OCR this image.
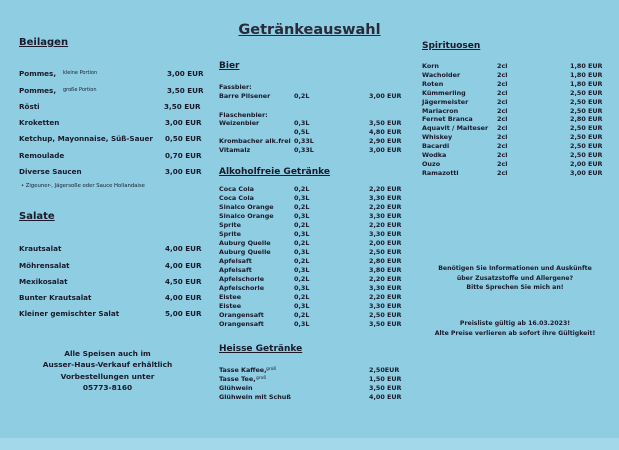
Getränkeauswahl
Beilagen
Pommes, kleine Portion	3,00 EUR
Pommes, große Portion	3,50 EUR
Rösti	3,50 EUR
Kroketten	3,00 EUR
Ketchup, Mayonnaise, Süß-Sauer 0,50 EUR
Remoulade	0,70 EUR
Diverse Saucen	3,00 EUR
• Zigeuner-, Jägersoße oder Sauce Hollandaise
Salate
Krautsalat	4,00 EUR
Möhrensalat	4,00 EUR
Mexikosalat	4,50 EUR
Bunter Krautsalat	4,00 EUR
Kleiner gemischter Salat	5,00 EUR
Alle Speisen auch im
Ausser-Haus-Verkauf erhältlich
Vorbestellungen unter
05773-8160
Bier
Fassbier:
Barre Pilsener	0,2L	3,00 EUR
Flaschenbier:
Weizenbier	0,3L	3,50 EUR
0,5L	4,80 EUR
Krombacher alk.frei 0,33L	2,90 EUR
Vitamalz	0,33L	3,00 EUR
Alkoholfreie Getränke
Coca Cola	0,2L	2,20 EUR
Coca Cola	0,3L	3,30 EUR
Sinalco Orange	0,2L	2,20 EUR
Sinalco Orange	0,3L	3,30 EUR
Sprite	0,2L	2,20 EUR
Sprite	0,3L	3,30 EUR
Auburg Quelle	0,2L	2,00 EUR
Auburg Quelle	0,3L	2,50 EUR
Apfelsaft	0,2L	2,80 EUR
Apfelsaft	0,3L	3,80 EUR
Apfelschorle	0,2L	2,20 EUR
Apfelschorle	0,3L	3,30 EUR
Eistee	0,2L	2,20 EUR
Eistee	0,3L	3,30 EUR
Orangensaft	0,2L	2,50 EUR
Orangensaft	0,3L	3,50 EUR
Heisse Getränke
Tasse Kaffee, groß	2,50EUR
Tasse Tee, groß	1,50 EUR
Glühwein	3,50 EUR
Glühwein mit Schuß	4,00 EUR
Spirituosen
Korn	2cl	1,80 EUR
Wacholder	2cl	1,80 EUR
Roten	2cl	1,80 EUR
Kümmerling	2cl	2,50 EUR
Jägermeister	2cl	2,50 EUR
Mariacron	2cl	2,50 EUR
Fernet Branca	2cl	2,80 EUR
Aquavit / Malteser 2cl	2,50 EUR
Whiskey	2cl	2,50 EUR
Bacardi	2cl	2,50 EUR
Wodka	2cl	2,50 EUR
Ouzo	2cl	2,00 EUR
Ramazotti	2cl	3,00 EUR
Benötigen Sie Informationen und Auskünfte
über Zusatzstoffe und Allergene?
Bitte Sprechen Sie mich an!
Preisliste gültig ab 16.03.2023!
Alte Preise verlieren ab sofort ihre Gültigkeit!
